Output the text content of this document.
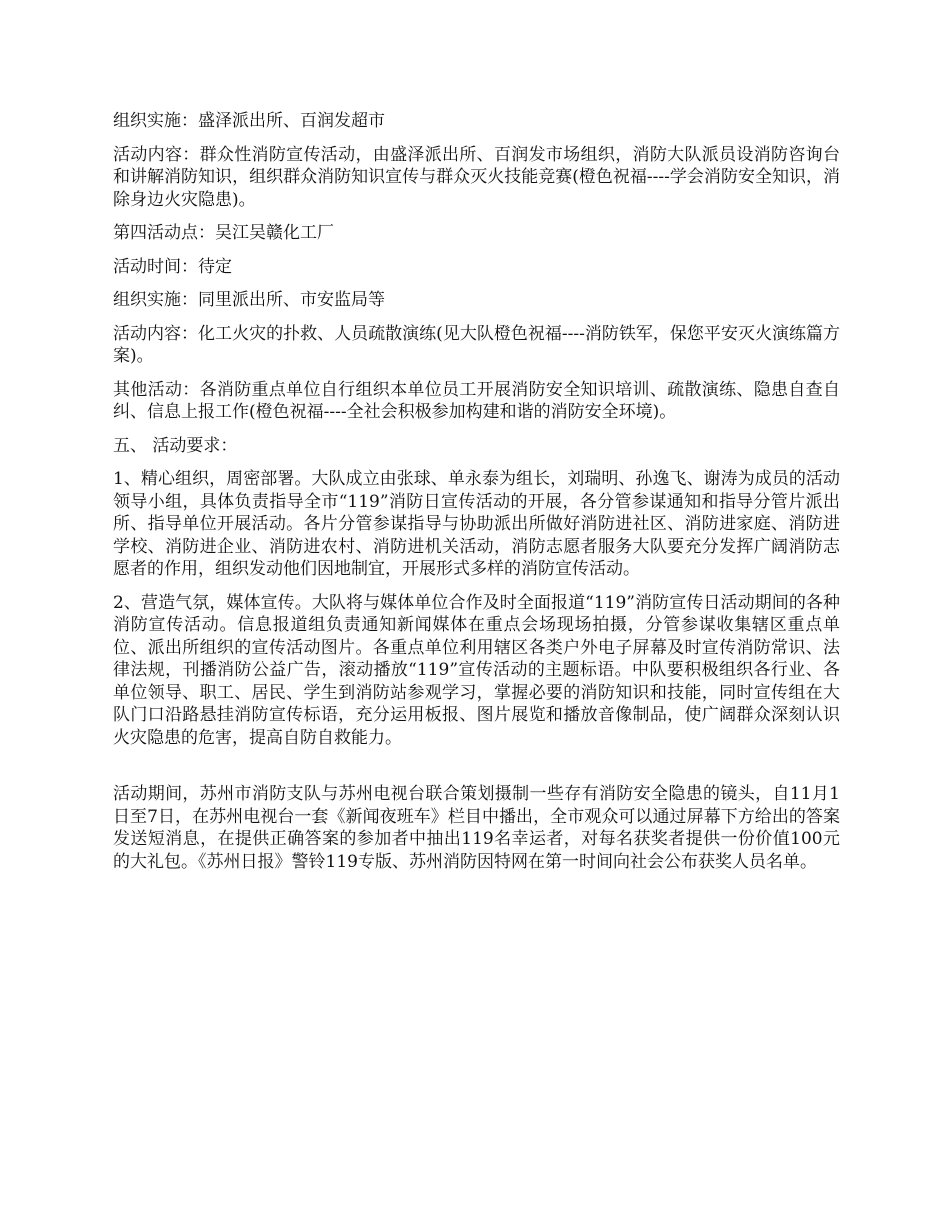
组织实施：盛泽派出所、百润发超市

活动内容：群众性消防宣传活动，由盛泽派出所、百润发市场组织，消防大队派员设消防咨询台和讲解消防知识，组织群众消防知识宣传与群众灭火技能竞赛(橙色祝福----学会消防安全知识，消除身边火灾隐患)。

第四活动点：吴江吴赣化工厂

活动时间：待定

组织实施：同里派出所、市安监局等

活动内容：化工火灾的扑救、人员疏散演练(见大队橙色祝福----消防铁军，保您平安灭火演练篇方案)。

其他活动：各消防重点单位自行组织本单位员工开展消防安全知识培训、疏散演练、隐患自查自纠、信息上报工作(橙色祝福----全社会积极参加构建和谐的消防安全环境)。

五、 活动要求：

1、精心组织，周密部署。大队成立由张球、单永泰为组长，刘瑞明、孙逸飞、谢涛为成员的活动领导小组，具体负责指导全市“119”消防日宣传活动的开展，各分管参谋通知和指导分管片派出所、指导单位开展活动。各片分管参谋指导与协助派出所做好消防进社区、消防进家庭、消防进学校、消防进企业、消防进农村、消防进机关活动，消防志愿者服务大队要充分发挥广阔消防志愿者的作用，组织发动他们因地制宜，开展形式多样的消防宣传活动。

2、营造气氛，媒体宣传。大队将与媒体单位合作及时全面报道“119”消防宣传日活动期间的各种消防宣传活动。信息报道组负责通知新闻媒体在重点会场现场拍摄，分管参谋收集辖区重点单位、派出所组织的宣传活动图片。各重点单位利用辖区各类户外电子屏幕及时宣传消防常识、法律法规，刊播消防公益广告，滚动播放“119”宣传活动的主题标语。中队要积极组织各行业、各单位领导、职工、居民、学生到消防站参观学习，掌握必要的消防知识和技能，同时宣传组在大队门口沿路悬挂消防宣传标语，充分运用板报、图片展览和播放音像制品，使广阔群众深刻认识火灾隐患的危害，提高自防自救能力。

活动期间，苏州市消防支队与苏州电视台联合策划摄制一些存有消防安全隐患的镜头，自11月1日至7日，在苏州电视台一套《新闻夜班车》栏目中播出，全市观众可以通过屏幕下方给出的答案发送短消息，在提供正确答案的参加者中抽出119名幸运者，对每名获奖者提供一份价值100元的大礼包。《苏州日报》警铃119专版、苏州消防因特网在第一时间向社会公布获奖人员名单。
